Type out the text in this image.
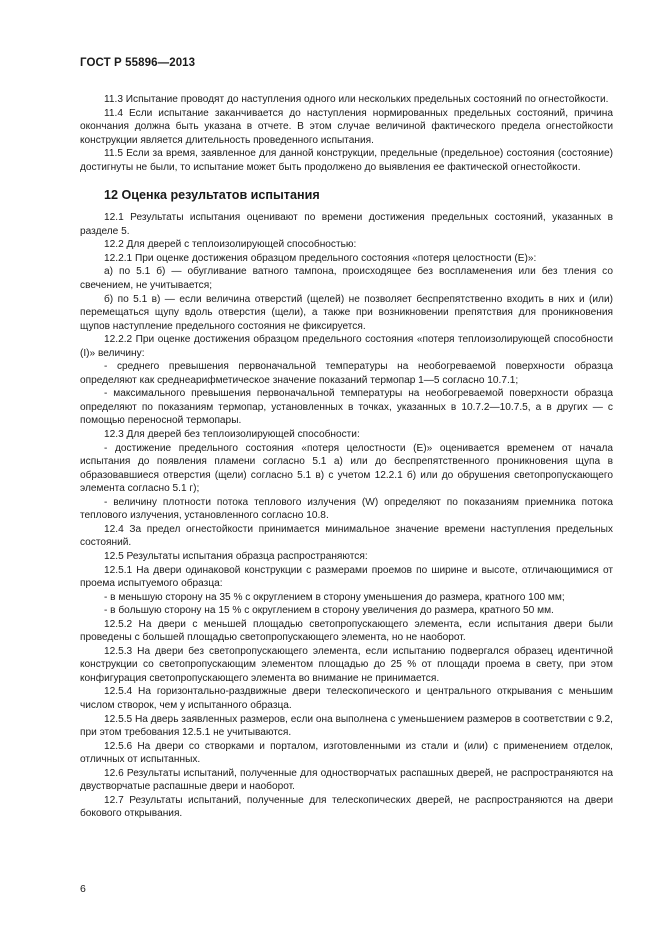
ГОСТ Р 55896—2013

11.3 Испытание проводят до наступления одного или нескольких предельных состояний по огнестойкости.

11.4 Если испытание заканчивается до наступления нормированных предельных состояний, причина окончания должна быть указана в отчете. В этом случае величиной фактического предела огнестойкости конструкции является длительность проведенного испытания.

11.5 Если за время, заявленное для данной конструкции, предельные (предельное) состояния (состояние) достигнуты не были, то испытание может быть продолжено до выявления ее фактической огнестойкости.

12 Оценка результатов испытания

12.1 Результаты испытания оценивают по времени достижения предельных состояний, указанных в разделе 5.

12.2 Для дверей с теплоизолирующей способностью:

12.2.1 При оценке достижения образцом предельного состояния «потеря целостности (E)»:

а) по 5.1 б) — обугливание ватного тампона, происходящее без воспламенения или без тления со свечением, не учитывается;

б) по 5.1 в) — если величина отверстий (щелей) не позволяет беспрепятственно входить в них и (или) перемещаться щупу вдоль отверстия (щели), а также при возникновении препятствия для проникновения щупов наступление предельного состояния не фиксируется.

12.2.2 При оценке достижения образцом предельного состояния «потеря теплоизолирующей способности (I)» величину:

- среднего превышения первоначальной температуры на необогреваемой поверхности образца определяют как среднеарифметическое значение показаний термопар 1—5 согласно 10.7.1;

- максимального превышения первоначальной температуры на необогреваемой поверхности образца определяют по показаниям термопар, установленных в точках, указанных в 10.7.2—10.7.5, а в других — с помощью переносной термопары.

12.3 Для дверей без теплоизолирующей способности:

- достижение предельного состояния «потеря целостности (E)» оценивается временем от начала испытания до появления пламени согласно 5.1 а) или до беспрепятственного проникновения щупа в образовавшиеся отверстия (щели) согласно 5.1 в) с учетом 12.2.1 б) или до обрушения светопропускающего элемента согласно 5.1 г);

- величину плотности потока теплового излучения (W) определяют по показаниям приемника потока теплового излучения, установленного согласно 10.8.

12.4 За предел огнестойкости принимается минимальное значение времени наступления предельных состояний.

12.5 Результаты испытания образца распространяются:

12.5.1 На двери одинаковой конструкции с размерами проемов по ширине и высоте, отличающимися от проема испытуемого образца:

- в меньшую сторону на 35 % с округлением в сторону уменьшения до размера, кратного 100 мм;

- в большую сторону на 15 % с округлением в сторону увеличения до размера, кратного 50 мм.

12.5.2 На двери с меньшей площадью светопропускающего элемента, если испытания двери были проведены с большей площадью светопропускающего элемента, но не наоборот.

12.5.3 На двери без светопропускающего элемента, если испытанию подвергался образец идентичной конструкции со светопропускающим элементом площадью до 25 % от площади проема в свету, при этом конфигурация светопропускающего элемента во внимание не принимается.

12.5.4 На горизонтально-раздвижные двери телескопического и центрального открывания с меньшим числом створок, чем у испытанного образца.

12.5.5 На дверь заявленных размеров, если она выполнена с уменьшением размеров в соответствии с 9.2, при этом требования 12.5.1 не учитываются.

12.5.6 На двери со створками и порталом, изготовленными из стали и (или) с применением отделок, отличных от испытанных.

12.6 Результаты испытаний, полученные для одностворчатых распашных дверей, не распространяются на двустворчатые распашные двери и наоборот.

12.7 Результаты испытаний, полученные для телескопических дверей, не распространяются на двери бокового открывания.

6
